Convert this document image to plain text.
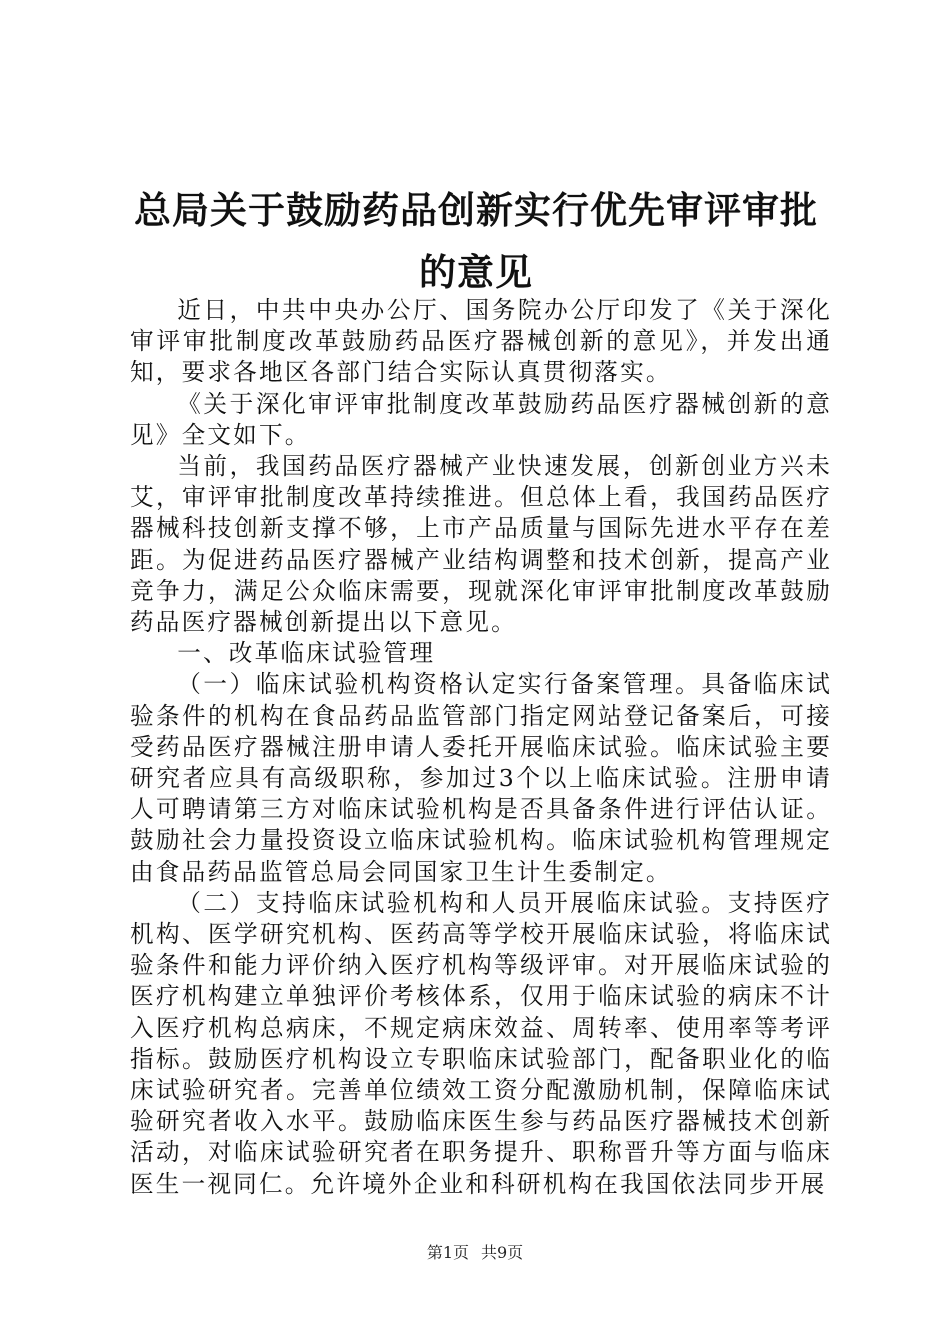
总局关于鼓励药品创新实行优先审评审批的意见

近日，中共中央办公厅、国务院办公厅印发了《关于深化审评审批制度改革鼓励药品医疗器械创新的意见》，并发出通知，要求各地区各部门结合实际认真贯彻落实。

《关于深化审评审批制度改革鼓励药品医疗器械创新的意见》全文如下。

当前，我国药品医疗器械产业快速发展，创新创业方兴未艾，审评审批制度改革持续推进。但总体上看，我国药品医疗器械科技创新支撑不够，上市产品质量与国际先进水平存在差距。为促进药品医疗器械产业结构调整和技术创新，提高产业竞争力，满足公众临床需要，现就深化审评审批制度改革鼓励药品医疗器械创新提出以下意见。

一、改革临床试验管理

（一）临床试验机构资格认定实行备案管理。具备临床试验条件的机构在食品药品监管部门指定网站登记备案后，可接受药品医疗器械注册申请人委托开展临床试验。临床试验主要研究者应具有高级职称，参加过3个以上临床试验。注册申请人可聘请第三方对临床试验机构是否具备条件进行评估认证。鼓励社会力量投资设立临床试验机构。临床试验机构管理规定由食品药品监管总局会同国家卫生计生委制定。

（二）支持临床试验机构和人员开展临床试验。支持医疗机构、医学研究机构、医药高等学校开展临床试验，将临床试验条件和能力评价纳入医疗机构等级评审。对开展临床试验的医疗机构建立单独评价考核体系，仅用于临床试验的病床不计入医疗机构总病床，不规定病床效益、周转率、使用率等考评指标。鼓励医疗机构设立专职临床试验部门，配备职业化的临床试验研究者。完善单位绩效工资分配激励机制，保障临床试验研究者收入水平。鼓励临床医生参与药品医疗器械技术创新活动，对临床试验研究者在职务提升、职称晋升等方面与临床医生一视同仁。允许境外企业和科研机构在我国依法同步开展

第1页 共9页
